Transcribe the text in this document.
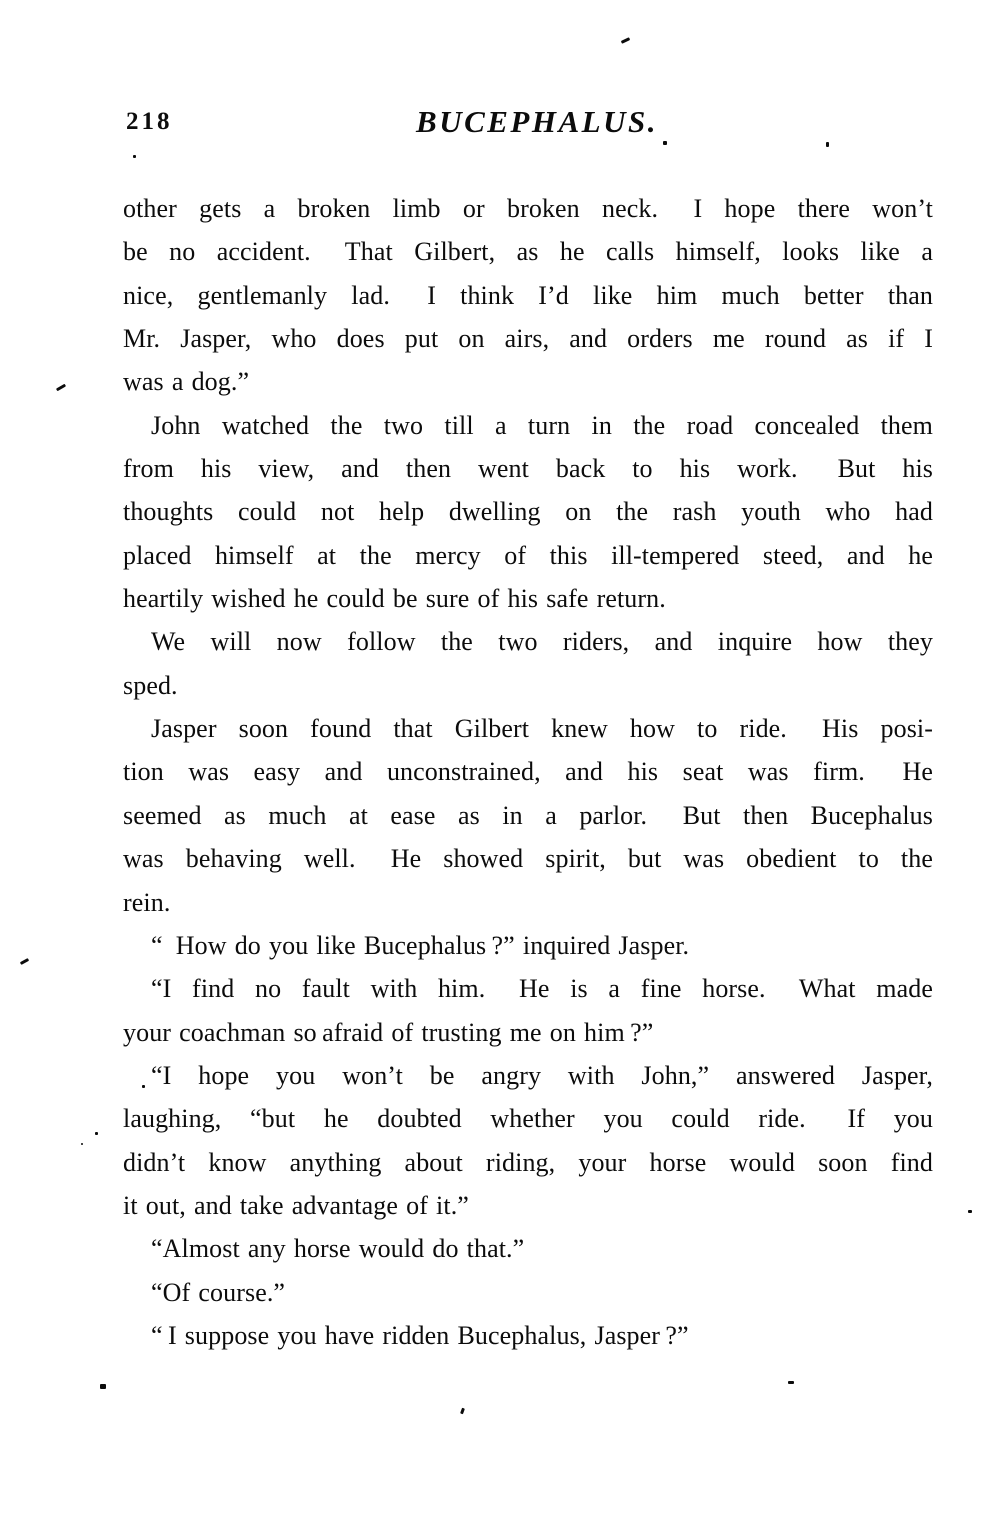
218	BUCEPHALUS.
other gets a broken limb or broken neck.  I hope there won’t
be no accident.  That Gilbert, as he calls himself, looks like a
nice, gentlemanly lad.  I think I’d like him much better than
Mr. Jasper, who does put on airs, and orders me round as if I
was a dog.”
John watched the two till a turn in the road concealed them
from his view, and then went back to his work.  But his
thoughts could not help dwelling on the rash youth who had
placed himself at the mercy of this ill-tempered steed, and he
heartily wished he could be sure of his safe return.
We will now follow the two riders, and inquire how they
sped.
Jasper soon found that Gilbert knew how to ride.  His posi-
tion was easy and unconstrained, and his seat was firm.  He
seemed as much at ease as in a parlor.  But then Bucephalus
was behaving well.  He showed spirit, but was obedient to the
rein.
“ How do you like Bucephalus ?” inquired Jasper.
“I find no fault with him.  He is a fine horse.  What made
your coachman so afraid of trusting me on him ?”
“I hope you won’t be angry with John,” answered Jasper,
laughing, “but he doubted whether you could ride.  If you
didn’t know anything about riding, your horse would soon find
it out, and take advantage of it.”
“Almost any horse would do that.”
“Of course.”
“ I suppose you have ridden Bucephalus, Jasper ?”
